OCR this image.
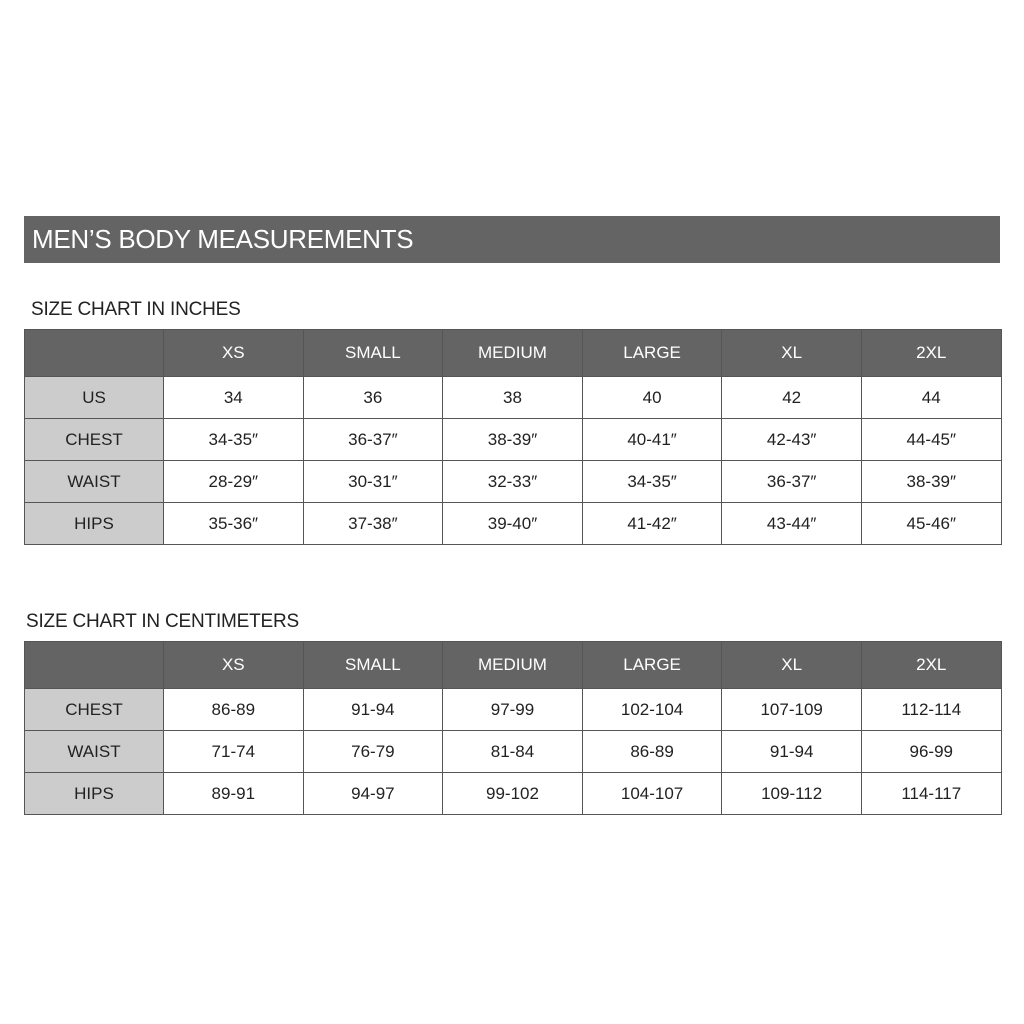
MEN’S BODY MEASUREMENTS
SIZE CHART IN INCHES
	XS	SMALL	MEDIUM	LARGE	XL	2XL
US	34	36	38	40	42	44
CHEST	34-35″	36-37″	38-39″	40-41″	42-43″	44-45″
WAIST	28-29″	30-31″	32-33″	34-35″	36-37″	38-39″
HIPS	35-36″	37-38″	39-40″	41-42″	43-44″	45-46″
SIZE CHART IN CENTIMETERS
	XS	SMALL	MEDIUM	LARGE	XL	2XL
CHEST	86-89	91-94	97-99	102-104	107-109	112-114
WAIST	71-74	76-79	81-84	86-89	91-94	96-99
HIPS	89-91	94-97	99-102	104-107	109-112	114-117
